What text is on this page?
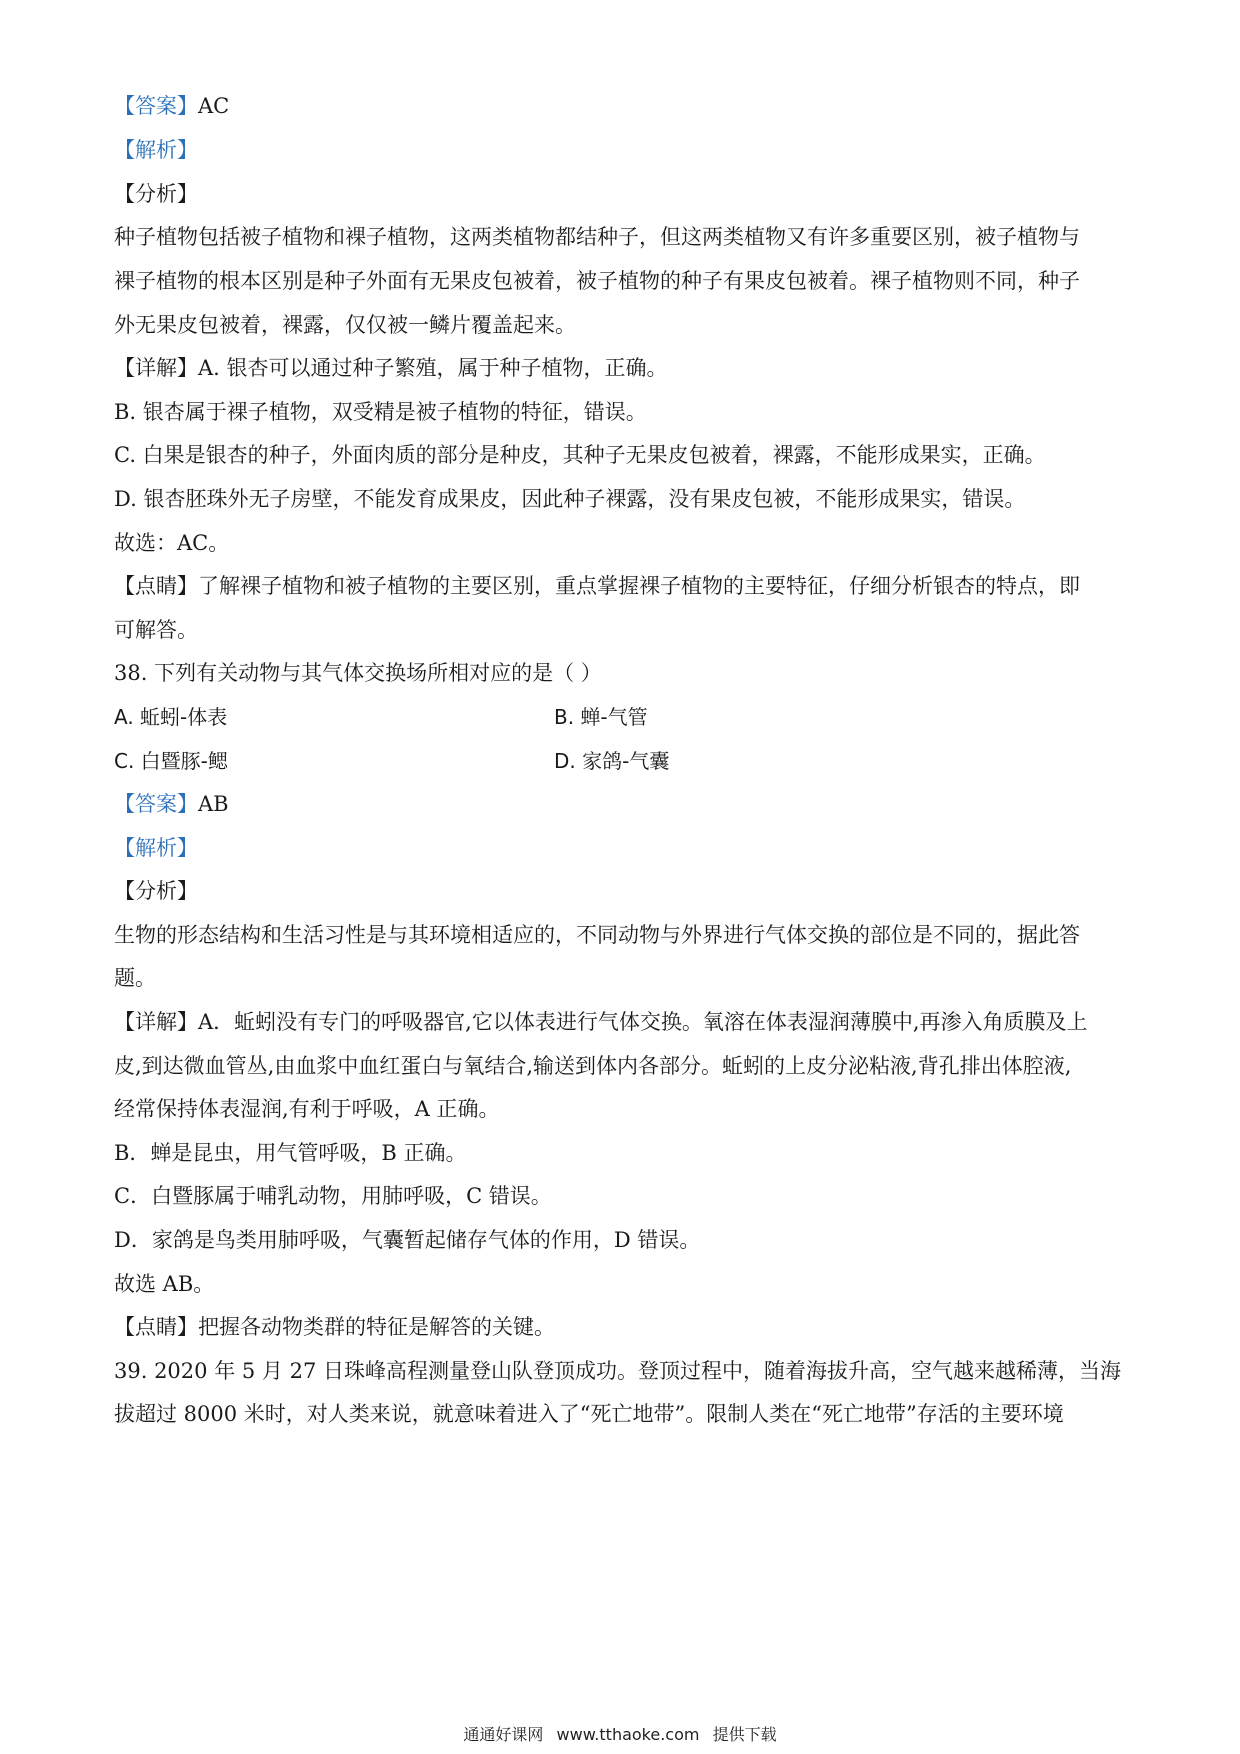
【答案】AC
【解析】
【分析】
种子植物包括被子植物和裸子植物，这两类植物都结种子，但这两类植物又有许多重要区别，被子植物与
裸子植物的根本区别是种子外面有无果皮包被着，被子植物的种子有果皮包被着。裸子植物则不同，种子
外无果皮包被着，裸露，仅仅被一鳞片覆盖起来。
【详解】A. 银杏可以通过种子繁殖，属于种子植物，正确。
B. 银杏属于裸子植物，双受精是被子植物的特征，错误。
C. 白果是银杏的种子，外面肉质的部分是种皮，其种子无果皮包被着，裸露，不能形成果实，正确。
D. 银杏胚珠外无子房壁，不能发育成果皮，因此种子裸露，没有果皮包被，不能形成果实，错误。
故选：AC。
【点睛】了解裸子植物和被子植物的主要区别，重点掌握裸子植物的主要特征，仔细分析银杏的特点，即
可解答。
38. 下列有关动物与其气体交换场所相对应的是（ ）
A. 蚯蚓-体表	B. 蝉-气管
C. 白暨豚-鳃	D. 家鸽-气囊
【答案】AB
【解析】
【分析】
生物的形态结构和生活习性是与其环境相适应的，不同动物与外界进行气体交换的部位是不同的，据此答
题。
【详解】A．蚯蚓没有专门的呼吸器官,它以体表进行气体交换。氧溶在体表湿润薄膜中,再渗入角质膜及上
皮,到达微血管丛,由血浆中血红蛋白与氧结合,输送到体内各部分。蚯蚓的上皮分泌粘液,背孔排出体腔液,
经常保持体表湿润,有利于呼吸，A 正确。
B．蝉是昆虫，用气管呼吸，B 正确。
C．白暨豚属于哺乳动物，用肺呼吸，C 错误。
D．家鸽是鸟类用肺呼吸，气囊暂起储存气体的作用，D 错误。
故选 AB。
【点睛】把握各动物类群的特征是解答的关键。
39. 2020 年 5 月 27 日珠峰高程测量登山队登顶成功。登顶过程中，随着海拔升高，空气越来越稀薄，当海
拔超过 8000 米时，对人类来说，就意味着进入了“死亡地带”。限制人类在“死亡地带”存活的主要环境
通通好课网 www.tthaoke.com 提供下载
